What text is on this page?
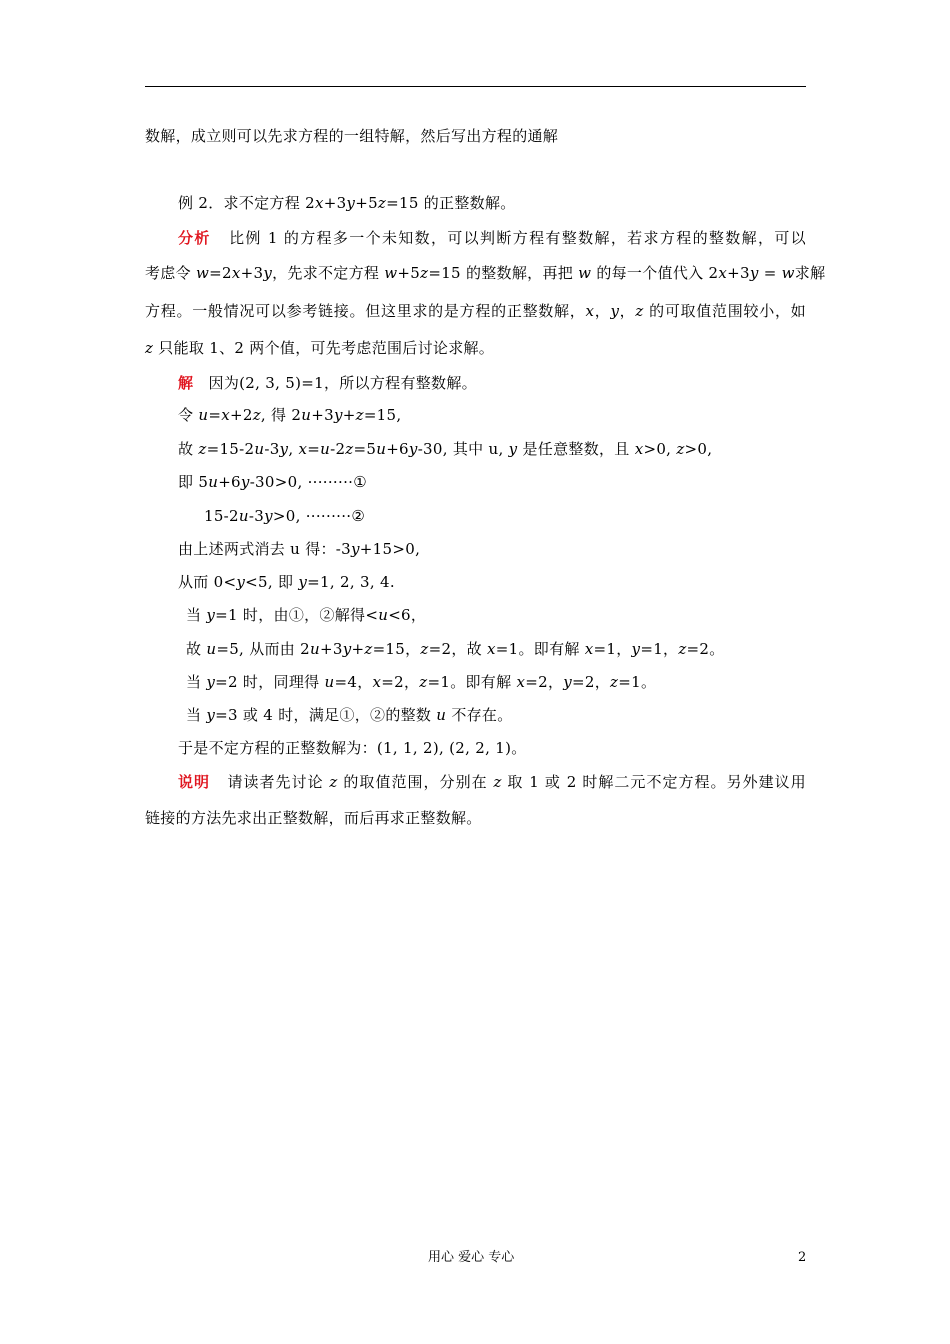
数解，成立则可以先求方程的一组特解，然后写出方程的通解
例 2．求不定方程 2x+3y+5z=15 的正整数解。
分析 比例 1 的方程多一个未知数，可以判断方程有整数解，若求方程的整数解，可以
考虑令 w=2x+3y，先求不定方程 w+5z=15 的整数解，再把 w 的每一个值代入 2x+3y = w求解
方程。一般情况可以参考链接。但这里求的是方程的正整数解，x，y，z 的可取值范围较小，如
z 只能取 1、2 两个值，可先考虑范围后讨论求解。
解 因为(2, 3, 5)=1，所以方程有整数解。
令 u=x+2z, 得 2u+3y+z=15,
故 z=15-2u-3y, x=u-2z=5u+6y-30, 其中 u, y 是任意整数，且 x>0, z>0,
即 5u+6y-30>0, ·········①
15-2u-3y>0, ·········②
由上述两式消去 u 得：-3y+15>0,
从而 0<y<5, 即 y=1, 2, 3, 4.
当 y=1 时，由①，②解得<u<6，
故 u=5, 从而由 2u+3y+z=15，z=2，故 x=1。即有解 x=1，y=1，z=2。
当 y=2 时，同理得 u=4，x=2，z=1。即有解 x=2，y=2，z=1。
当 y=3 或 4 时，满足①，②的整数 u 不存在。
于是不定方程的正整数解为：(1, 1, 2), (2, 2, 1)。
说明 请读者先讨论 z 的取值范围，分别在 z 取 1 或 2 时解二元不定方程。另外建议用
链接的方法先求出正整数解，而后再求正整数解。
用心 爱心 专心	2
